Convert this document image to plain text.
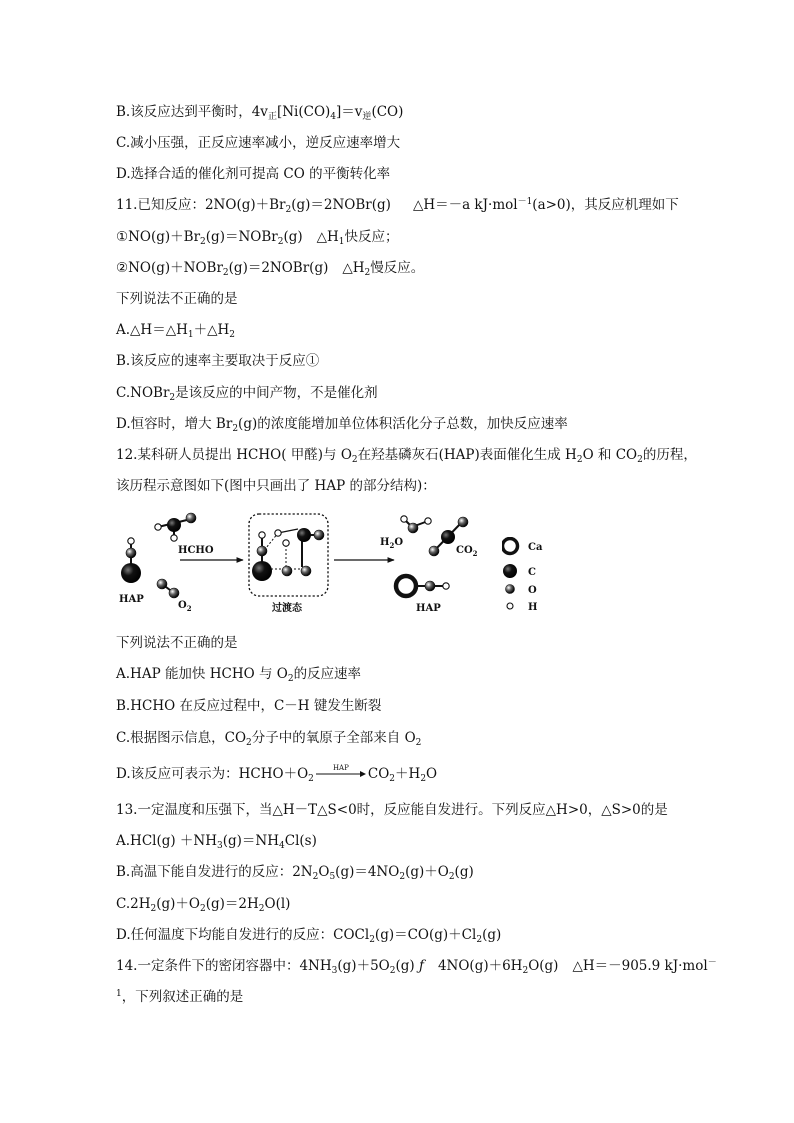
B.该反应达到平衡时，$4v_正[Ni(CO)_4]=v_逆(CO)$
C.减小压强，正反应速率减小，逆反应速率增大
D.选择合适的催化剂可提高 CO 的平衡转化率
11.已知反应：$2NO(g)+Br_2(g)=2NOBr(g)$ △H＝－a kJ·mol$^{-1}$(a>0)，其反应机理如下
$①NO(g)+Br_2(g)=NOBr_2(g)$ $\triangle H_1$快反应；
②NO(g)＋NOBr$_2$(g)＝2NOBr(g) $\triangle H_2$慢反应。
下列说法不正确的是
$A.\triangle H=\triangle H_1+\triangle H_2$
B.该反应的速率主要取决于反应①
C.NOBr$_2$是该反应的中间产物，不是催化剂
D.恒容时，增大 $Br_2(g)$的浓度能增加单位体积活化分子总数，加快反应速率
12.某科研人员提出 HCHO( 甲醛)与 $O_2$在羟基磷灰石(HAP)表面催化生成 $H_2O$ 和 $CO_2$的历程，
该历程示意图如下(图中只画出了 HAP 的部分结构)：
HAP
$O_2$
HCHO
过渡态
$H_2O$
$CO_2$
HAP
Ca
C
O
H
下列说法不正确的是
A.HAP 能加快 HCHO 与 $O_2$的反应速率
B.HCHO 在反应过程中，C－H 键发生断裂
C.根据图示信息，$CO_2$分子中的氧原子全部来自 $O_2$
D.该反应可表示为：$HCHO+O_2$
HAP	$CO_2+H_2O$
13.一定温度和压强下，当△H－T△S<0时，反应能自发进行。下列反应△H>0，△S>0的是
$A.HCl(g) +NH_3(g)=NH_4Cl(s)$
B.高温下能自发进行的反应：$2N_2O_5(g)=4NO_2(g)+O_2(g)$
$C.2H_2(g)+O_2(g)=2H_2O(l)$
D.任何温度下均能自发进行的反应：$COCl_2(g)=CO(g)+Cl_2(g)$
14.一定条件下的密闭容器中：$4NH_3(g)+5O_2(g)$ ƒ $4NO(g)+6H_2O(g)$ △H＝－905.9 kJ·mol－
$^1$，下列叙述正确的是
